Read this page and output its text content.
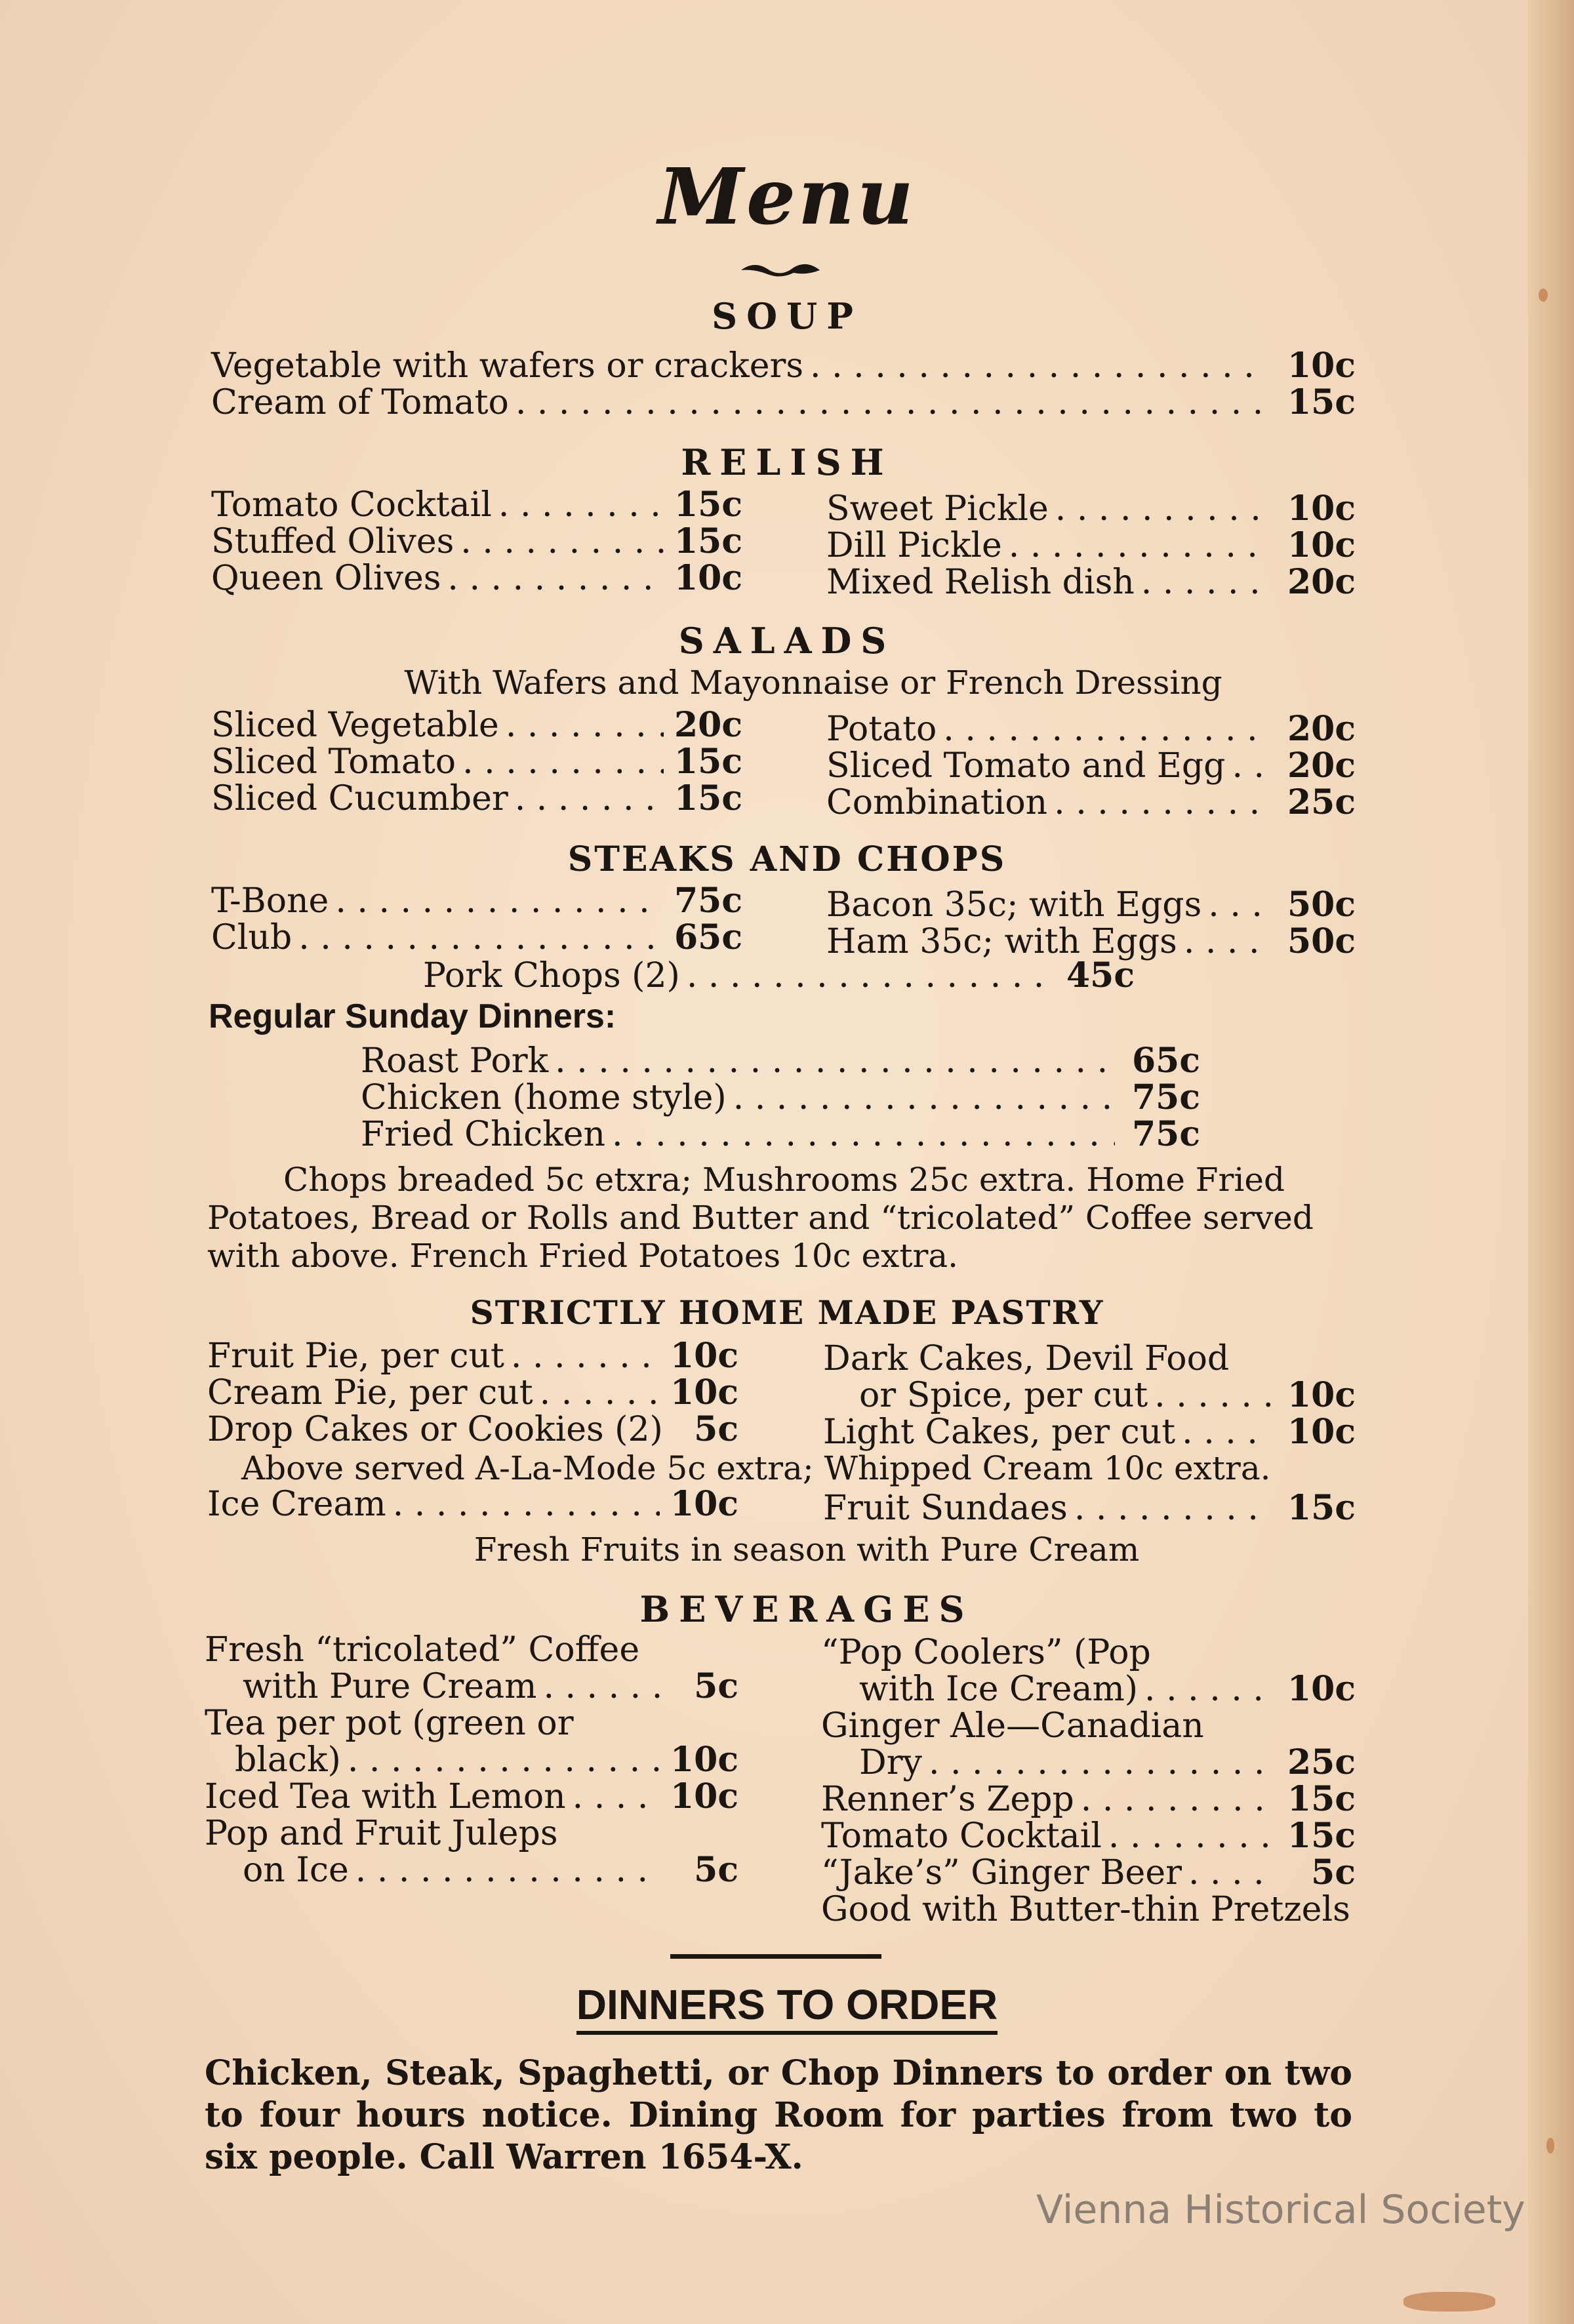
Menu
SOUP
Vegetable with wafers or crackers . . .	10c
Cream of Tomato . . .	15c
RELISH
Tomato Cocktail . . .	15c
Stuffed Olives . . .	15c
Queen Olives . . .	10c
Sweet Pickle . . .	10c
Dill Pickle . . .	10c
Mixed Relish dish . . .	20c
SALADS
With Wafers and Mayonnaise or French Dressing
Sliced Vegetable . . .	20c
Sliced Tomato . . .	15c
Sliced Cucumber . . .	15c
Potato . . .	20c
Sliced Tomato and Egg . . .	20c
Combination . . .	25c
STEAKS AND CHOPS
T-Bone . . .	75c
Club . . .	65c
Bacon 35c; with Eggs . . .	50c
Ham 35c; with Eggs . . .	50c
Pork Chops (2) . . .	45c
Regular Sunday Dinners:
Roast Pork . . .	65c
Chicken (home style) . . .	75c
Fried Chicken . . .	75c
Chops breaded 5c etxra; Mushrooms 25c extra. Home Fried
Potatoes, Bread or Rolls and Butter and “tricolated” Coffee served
with above. French Fried Potatoes 10c extra.
STRICTLY HOME MADE PASTRY
Fruit Pie, per cut . . .	10c
Cream Pie, per cut . . .	10c
Drop Cakes or Cookies (2) 5c
Dark Cakes, Devil Food
or Spice, per cut . . .	10c
Light Cakes, per cut . . .	10c
Above served A-La-Mode 5c extra; Whipped Cream 10c extra.
Ice Cream . . .	10c Fruit Sundaes . . .	15c
Fresh Fruits in season with Pure Cream
BEVERAGES
Fresh “tricolated” Coffee
with Pure Cream . . .	5c
Tea per pot (green or
black) . . .	10c
Iced Tea with Lemon . . .	10c
Pop and Fruit Juleps
on Ice . . .	5c
“Pop Coolers” (Pop
with Ice Cream) . . .	10c
Ginger Ale—Canadian
Dry . . .	25c
Renner’s Zepp . . .	15c
Tomato Cocktail . . .	15c
“Jake’s” Ginger Beer . . .	5c
Good with Butter-thin Pretzels
DINNERS TO ORDER
Chicken, Steak, Spaghetti, or Chop Dinners to order on two to four hours notice. Dining Room for parties from two to six people. Call Warren 1654-X.
Vienna Historical Society
